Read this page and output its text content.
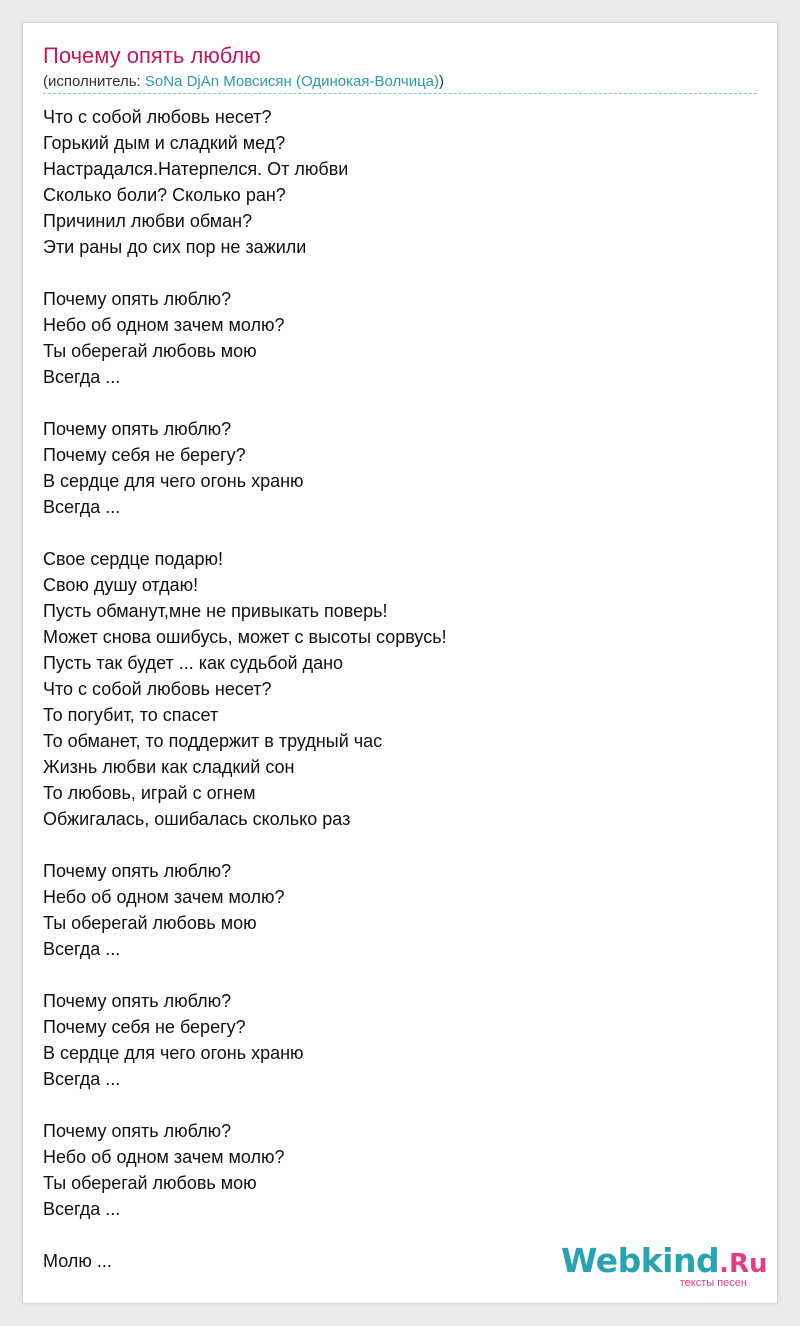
Почему опять люблю
(исполнитель: SoNa DjAn Мовсисян (Одинокая-Волчица))
Что с собой любовь несет?
Горький дым и сладкий мед?
Настрадался.Натерпелся. От любви
Сколько боли? Сколько ран?
Причинил любви обман?
Эти раны до сих пор не зажили
Почему опять люблю?
Небо об одном зачем молю?
Ты оберегай любовь мою
Всегда ...
Почему опять люблю?
Почему себя не берегу?
В сердце для чего огонь храню
Всегда ...
Свое сердце подарю!
Свою душу отдаю!
Пусть обманут,мне не привыкать поверь!
Может снова ошибусь, может с высоты сорвусь!
Пусть так будет ... как судьбой дано
Что с собой любовь несет?
То погубит, то спасет
То обманет, то поддержит в трудный час
Жизнь любви как сладкий сон
То любовь, играй с огнем
Обжигалась, ошибалась сколько раз
Почему опять люблю?
Небо об одном зачем молю?
Ты оберегай любовь мою
Всегда ...
Почему опять люблю?
Почему себя не берегу?
В сердце для чего огонь храню
Всегда ...
Почему опять люблю?
Небо об одном зачем молю?
Ты оберегай любовь мою
Всегда ...
Молю ...	Webkind.Ru
тексты песен
